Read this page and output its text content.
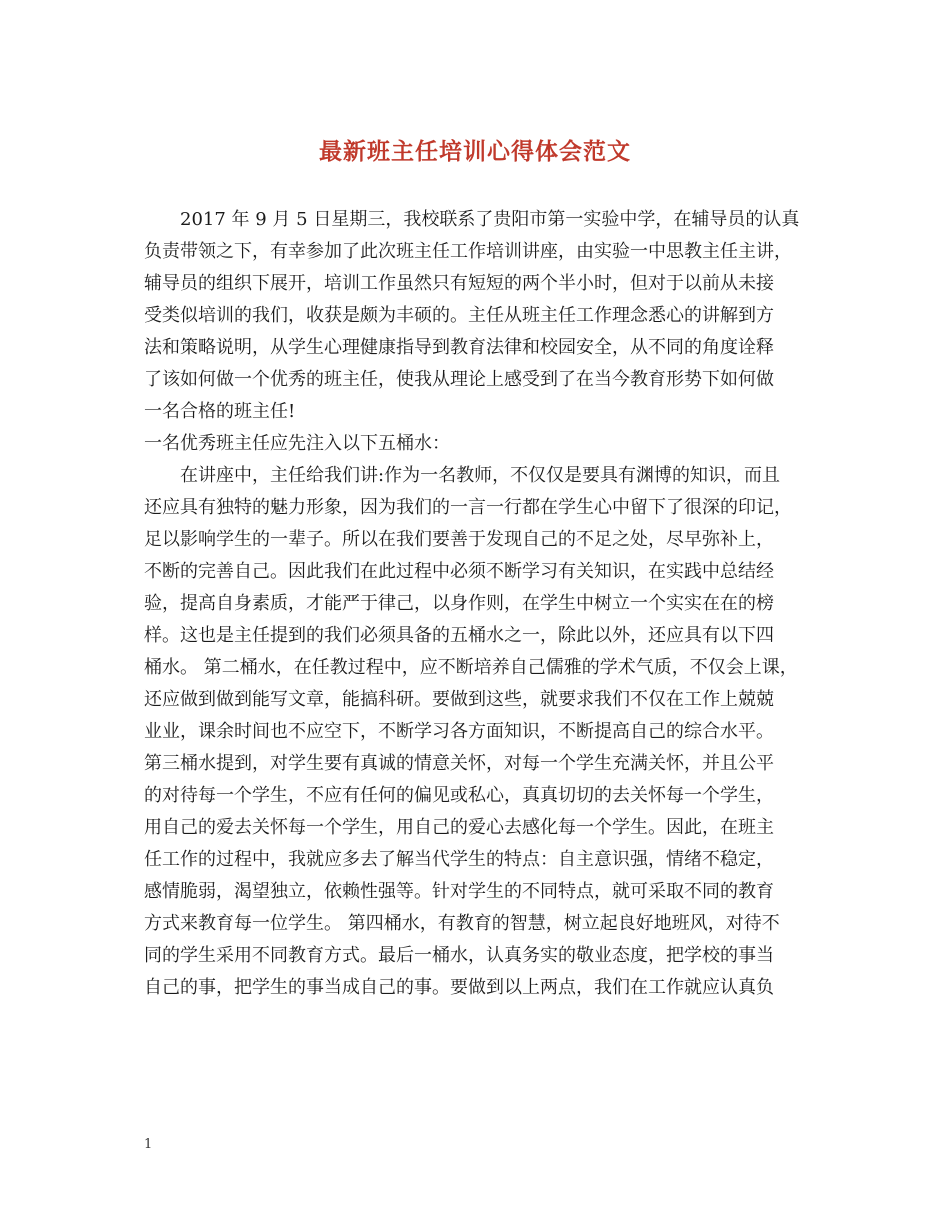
最新班主任培训心得体会范文
2017 年 9 月 5 日星期三，我校联系了贵阳市第一实验中学，在辅导员的认真
负责带领之下，有幸参加了此次班主任工作培训讲座，由实验一中思教主任主讲，
辅导员的组织下展开，培训工作虽然只有短短的两个半小时，但对于以前从未接
受类似培训的我们，收获是颇为丰硕的。主任从班主任工作理念悉心的讲解到方
法和策略说明，从学生心理健康指导到教育法律和校园安全，从不同的角度诠释
了该如何做一个优秀的班主任，使我从理论上感受到了在当今教育形势下如何做
一名合格的班主任!
一名优秀班主任应先注入以下五桶水：
在讲座中，主任给我们讲:作为一名教师，不仅仅是要具有渊博的知识，而且
还应具有独特的魅力形象，因为我们的一言一行都在学生心中留下了很深的印记，
足以影响学生的一辈子。所以在我们要善于发现自己的不足之处，尽早弥补上，
不断的完善自己。因此我们在此过程中必须不断学习有关知识，在实践中总结经
验，提高自身素质，才能严于律己，以身作则，在学生中树立一个实实在在的榜
样。这也是主任提到的我们必须具备的五桶水之一，除此以外，还应具有以下四
桶水。 第二桶水，在任教过程中，应不断培养自己儒雅的学术气质，不仅会上课，
还应做到做到能写文章，能搞科研。要做到这些，就要求我们不仅在工作上兢兢
业业，课余时间也不应空下，不断学习各方面知识，不断提高自己的综合水平。
第三桶水提到，对学生要有真诚的情意关怀，对每一个学生充满关怀，并且公平
的对待每一个学生，不应有任何的偏见或私心，真真切切的去关怀每一个学生，
用自己的爱去关怀每一个学生，用自己的爱心去感化每一个学生。因此，在班主
任工作的过程中，我就应多去了解当代学生的特点：自主意识强，情绪不稳定，
感情脆弱，渴望独立，依赖性强等。针对学生的不同特点，就可采取不同的教育
方式来教育每一位学生。 第四桶水，有教育的智慧，树立起良好地班风，对待不
同的学生采用不同教育方式。最后一桶水，认真务实的敬业态度，把学校的事当
自己的事，把学生的事当成自己的事。要做到以上两点，我们在工作就应认真负
1
